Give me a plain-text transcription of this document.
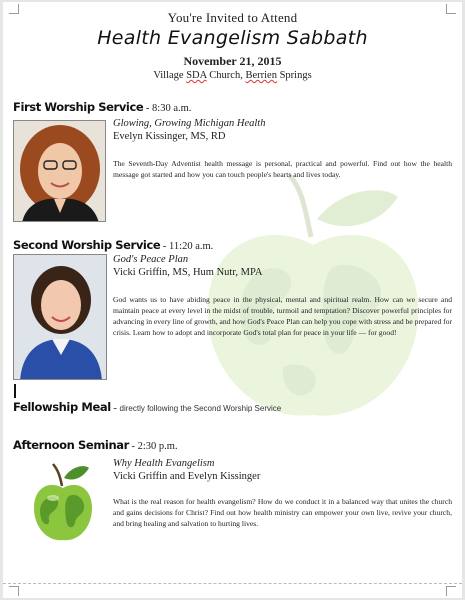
You're Invited to Attend
Health Evangelism Sabbath
November 21, 2015
Village SDA Church, Berrien Springs
First Worship Service - 8:30 a.m.
Glowing, Growing Michigan Health
Evelyn Kissinger, MS, RD
The Seventh-Day Adventist health message is personal, practical and powerful. Find out how the health message got started and how you can touch people's hearts and lives today.
Second Worship Service - 11:20 a.m.
God's Peace Plan
Vicki Griffin, MS, Hum Nutr, MPA
God wants us to have abiding peace in the physical, mental and spiritual realm. How can we secure and maintain peace at every level in the midst of trouble, turmoil and temptation? Discover powerful principles for advancing in every line of growth, and how God's Peace Plan can help you cope with stress and be prepared for crisis. Learn how to adopt and incorporate God's total plan for peace in your life — for good!
Fellowship Meal - directly following the Second Worship Service
Afternoon Seminar - 2:30 p.m.
Why Health Evangelism
Vicki Griffin and Evelyn Kissinger
What is the real reason for health evangelism? How do we conduct it in a balanced way that unites the church and gains decisions for Christ? Find out how health ministry can empower your own live, revive your church, and bring healing and salvation to hurting lives.
